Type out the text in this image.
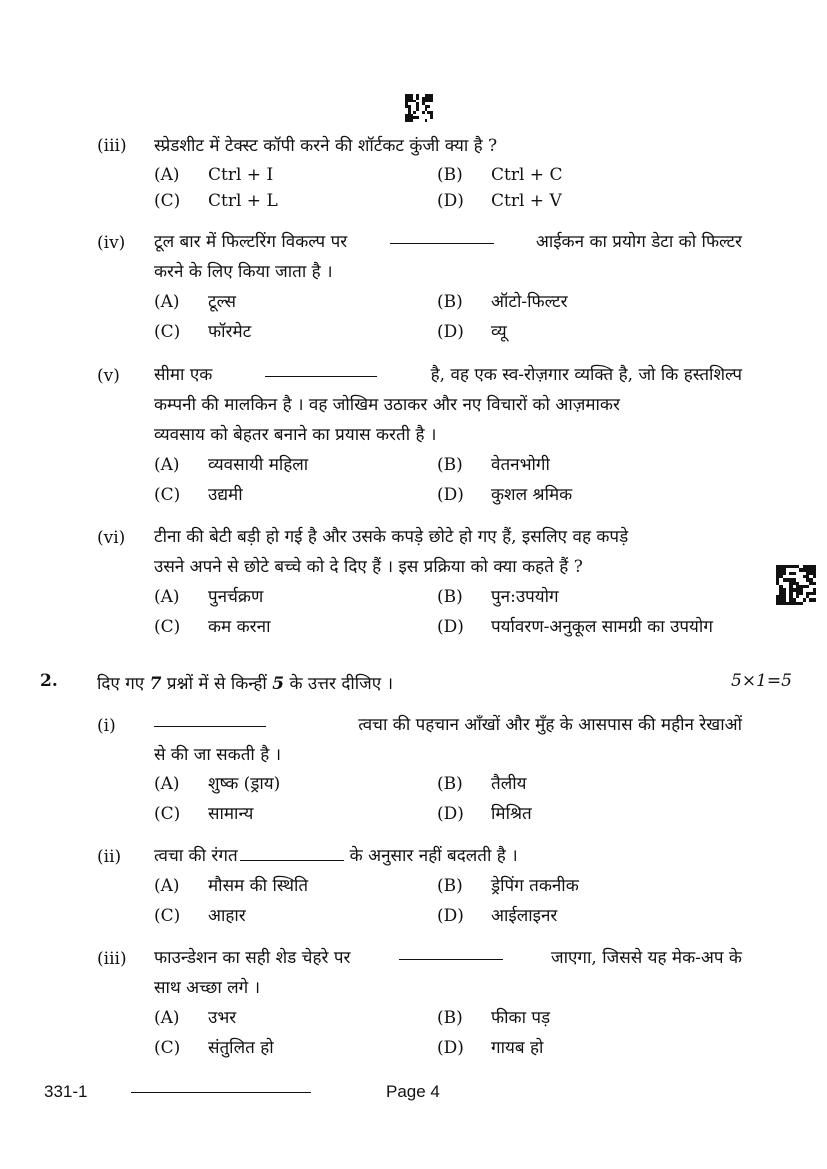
(iii) स्प्रेडशीट में टेक्स्ट कॉपी करने की शॉर्टकट कुंजी क्या है ?
(A) Ctrl + I	(B) Ctrl + C
(C) Ctrl + L	(D) Ctrl + V
(iv) टूल बार में फिल्टरिंग विकल्प पर	आईकन का प्रयोग डेटा को फिल्टर
करने के लिए किया जाता है ।
(A) टूल्स	(B) ऑटो-फिल्टर
(C) फॉरमेट	(D) व्यू
(v) सीमा एक	है, वह एक स्व-रोज़गार व्यक्ति है, जो कि हस्तशिल्प
कम्पनी की मालकिन है । वह जोखिम उठाकर और नए विचारों को आज़माकर
व्यवसाय को बेहतर बनाने का प्रयास करती है ।
(A) व्यवसायी महिला	(B) वेतनभोगी
(C) उद्यमी	(D) कुशल श्रमिक
(vi) टीना की बेटी बड़ी हो गई है और उसके कपड़े छोटे हो गए हैं, इसलिए वह कपड़े
उसने अपने से छोटे बच्चे को दे दिए हैं । इस प्रक्रिया को क्या कहते हैं ?
(A) पुनर्चक्रण	(B) पुन:उपयोग
(C) कम करना	(D) पर्यावरण-अनुकूल सामग्री का उपयोग
2. दिए गए 7 प्रश्नों में से किन्हीं 5 के उत्तर दीजिए ।	5×1=5
(i)	त्वचा की पहचान आँखों और मुँह के आसपास की महीन रेखाओं
से की जा सकती है ।
(A) शुष्क (ड्राय)	(B) तैलीय
(C) सामान्य	(D) मिश्रित
(ii) त्वचा की रंगत	के अनुसार नहीं बदलती है ।
(A) मौसम की स्थिति	(B) ड्रेपिंग तकनीक
(C) आहार	(D) आईलाइनर
(iii) फाउन्डेशन का सही शेड चेहरे पर	जाएगा, जिससे यह मेक-अप के
साथ अच्छा लगे ।
(A) उभर	(B) फीका पड़
(C) संतुलित हो	(D) गायब हो
331-1	Page 4
